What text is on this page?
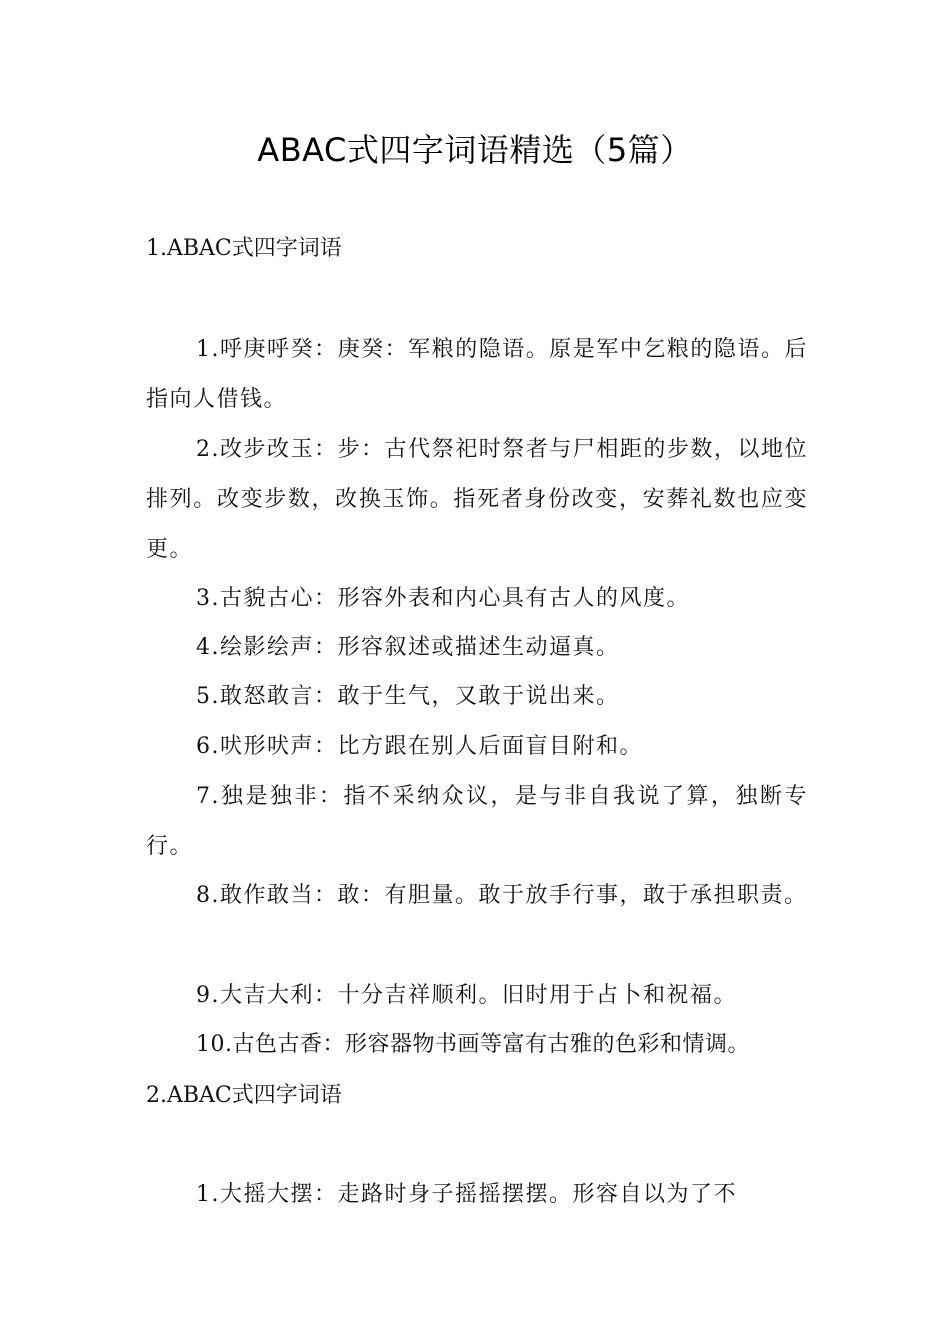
ABAC式四字词语精选（5篇）
1.ABAC式四字词语

1.呼庚呼癸：庚癸：军粮的隐语。原是军中乞粮的隐语。后指向人借钱。

2.改步改玉：步：古代祭祀时祭者与尸相距的步数，以地位排列。改变步数，改换玉饰。指死者身份改变，安葬礼数也应变更。

3.古貌古心：形容外表和内心具有古人的风度。

4.绘影绘声：形容叙述或描述生动逼真。

5.敢怒敢言：敢于生气，又敢于说出来。

6.吠形吠声：比方跟在别人后面盲目附和。

7.独是独非：指不采纳众议，是与非自我说了算，独断专行。

8.敢作敢当：敢：有胆量。敢于放手行事，敢于承担职责。

9.大吉大利：十分吉祥顺利。旧时用于占卜和祝福。

10.古色古香：形容器物书画等富有古雅的色彩和情调。

2.ABAC式四字词语

1.大摇大摆：走路时身子摇摇摆摆。形容自以为了不
